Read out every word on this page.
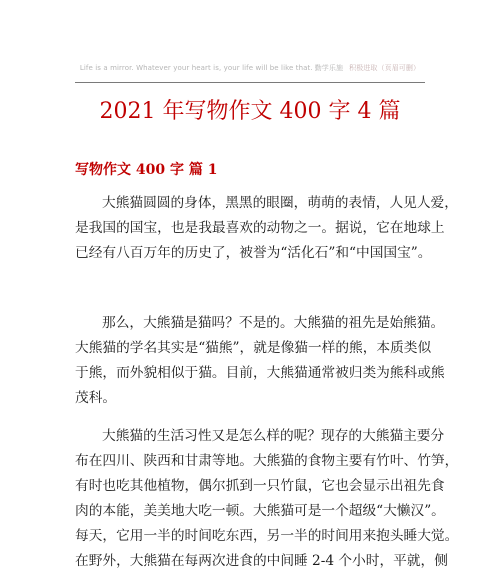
Life is a mirror. Whatever your heart is, your life will be like that. 勤学乐施 积极进取（页眉可删）
2021 年写物作文 400 字 4 篇
写物作文 400 字 篇 1
大熊猫圆圆的身体，黑黑的眼圈，萌萌的表情，人见人爱，
是我国的国宝，也是我最喜欢的动物之一。据说，它在地球上
已经有八百万年的历史了，被誉为“活化石”和“中国国宝”。
那么，大熊猫是猫吗？不是的。大熊猫的祖先是始熊猫。
大熊猫的学名其实是“猫熊”，就是像猫一样的熊，本质类似
于熊，而外貌相似于猫。目前，大熊猫通常被归类为熊科或熊
茂科。
大熊猫的生活习性又是怎么样的呢？现存的大熊猫主要分
布在四川、陕西和甘肃等地。大熊猫的食物主要有竹叶、竹笋，
有时也吃其他植物，偶尔抓到一只竹鼠，它也会显示出祖先食
肉的本能，美美地大吃一顿。大熊猫可是一个超级“大懒汉”。
每天，它用一半的时间吃东西，另一半的时间用来抱头睡大觉。
在野外，大熊猫在每两次进食的中间睡 2-4 个小时，平就，侧
